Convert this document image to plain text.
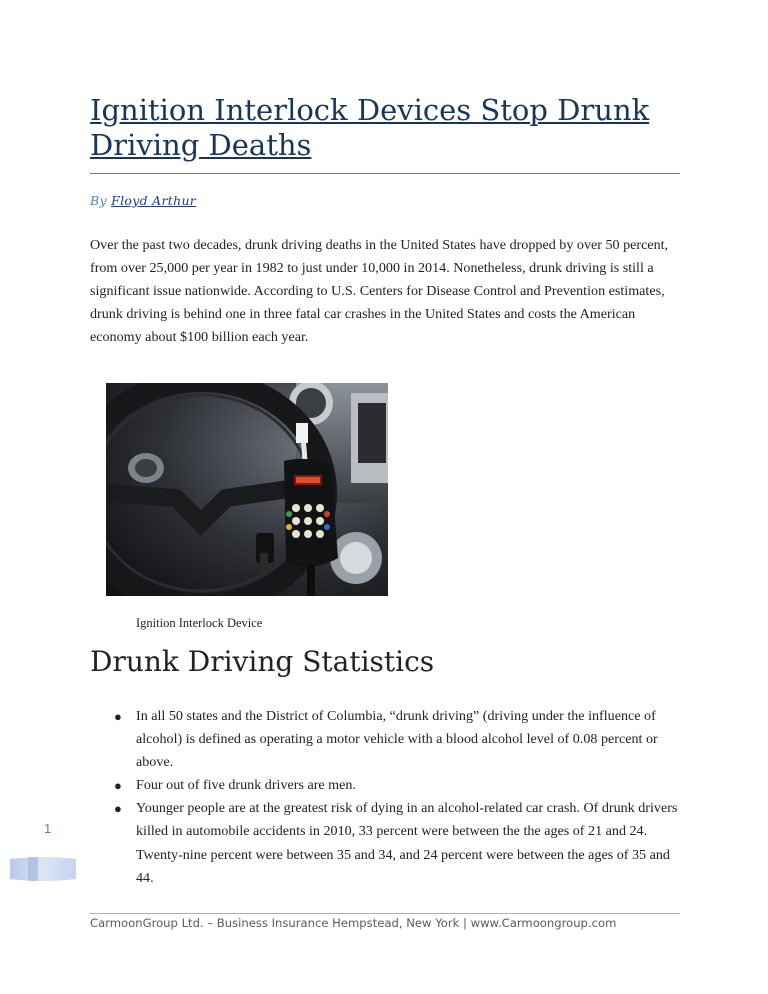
Ignition Interlock Devices Stop Drunk Driving Deaths
By Floyd Arthur

Over the past two decades, drunk driving deaths in the United States have dropped by over 50 percent, from over 25,000 per year in 1982 to just under 10,000 in 2014. Nonetheless, drunk driving is still a significant issue nationwide. According to U.S. Centers for Disease Control and Prevention estimates, drunk driving is behind one in three fatal car crashes in the United States and costs the American economy about $100 billion each year.

Ignition Interlock Device
Drunk Driving Statistics
● In all 50 states and the District of Columbia, “drunk driving” (driving under the influence of alcohol) is defined as operating a motor vehicle with a blood alcohol level of 0.08 percent or above.
● Four out of five drunk drivers are men.
● Younger people are at the greatest risk of dying in an alcohol-related car crash. Of drunk drivers killed in automobile accidents in 2010, 33 percent were between the the ages of 21 and 24. Twenty-nine percent were between 35 and 34, and 24 percent were between the ages of 35 and 44.
1
CarmoonGroup Ltd. – Business Insurance Hempstead, New York | www.Carmoongroup.com
